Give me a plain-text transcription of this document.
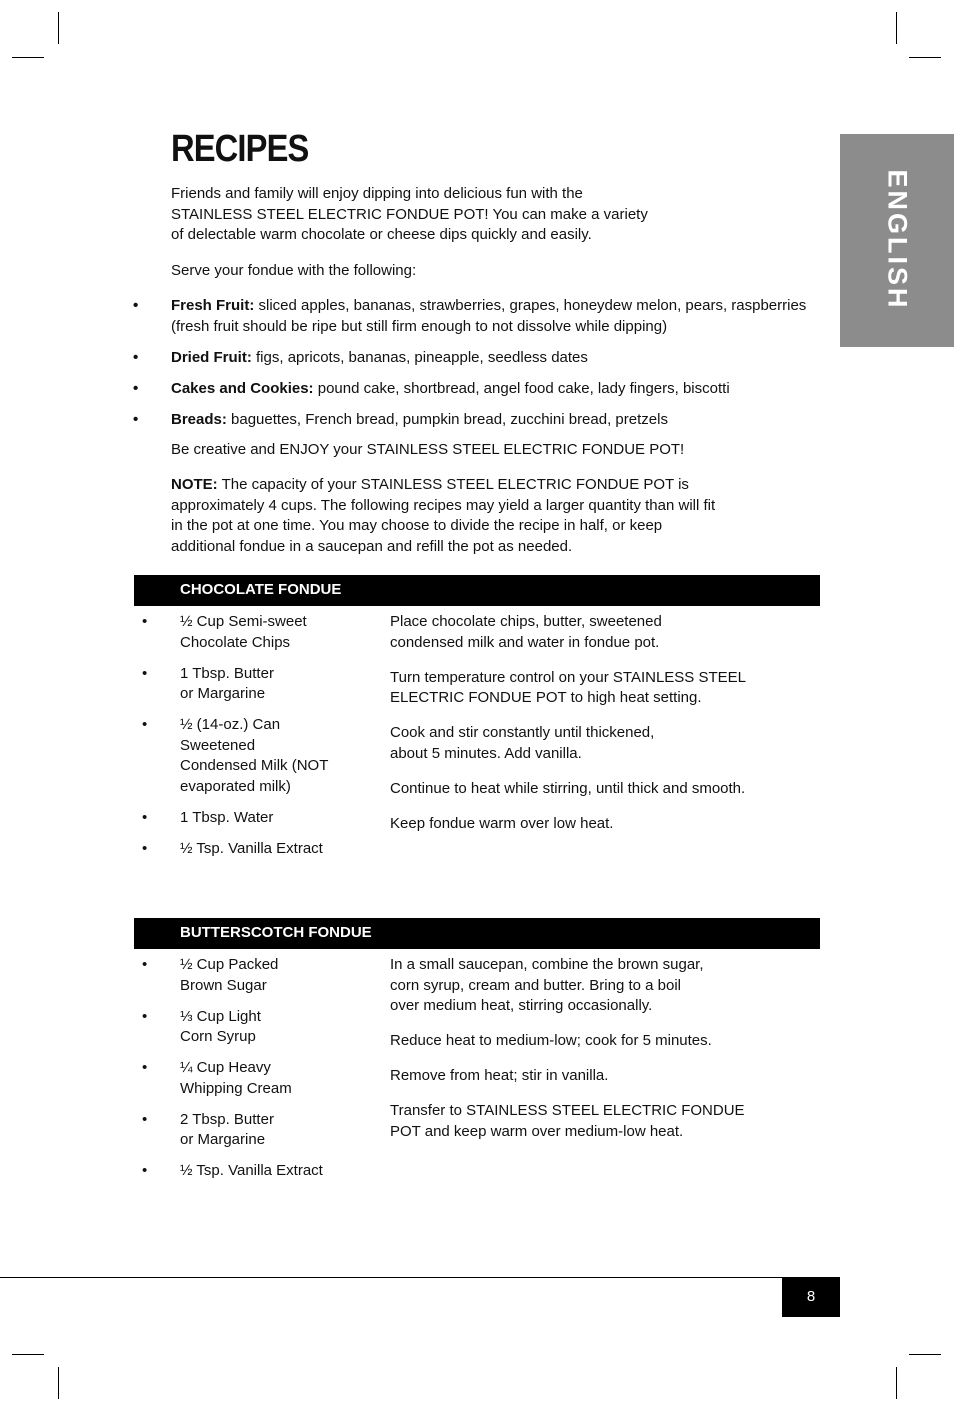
ENGLISH
RECIPES

Friends and family will enjoy dipping into delicious fun with the STAINLESS STEEL ELECTRIC FONDUE POT! You can make a variety of delectable warm chocolate or cheese dips quickly and easily.

Serve your fondue with the following:

• Fresh Fruit: sliced apples, bananas, strawberries, grapes, honeydew melon, pears, raspberries (fresh fruit should be ripe but still firm enough to not dissolve while dipping)
• Dried Fruit: figs, apricots, bananas, pineapple, seedless dates
• Cakes and Cookies: pound cake, shortbread, angel food cake, lady fingers, biscotti
• Breads: baguettes, French bread, pumpkin bread, zucchini bread, pretzels

Be creative and ENJOY your STAINLESS STEEL ELECTRIC FONDUE POT!

NOTE: The capacity of your STAINLESS STEEL ELECTRIC FONDUE POT is approximately 4 cups. The following recipes may yield a larger quantity than will fit in the pot at one time. You may choose to divide the recipe in half, or keep additional fondue in a saucepan and refill the pot as needed.

CHOCOLATE FONDUE
• ½ Cup Semi-sweet
Chocolate Chips
• 1 Tbsp. Butter
or Margarine
• ½ (14-oz.) Can
Sweetened
Condensed Milk (NOT
evaporated milk)
• 1 Tbsp. Water
• ½ Tsp. Vanilla Extract

Place chocolate chips, butter, sweetened
condensed milk and water in fondue pot.

Turn temperature control on your STAINLESS STEEL
ELECTRIC FONDUE POT to high heat setting.

Cook and stir constantly until thickened,
about 5 minutes. Add vanilla.

Continue to heat while stirring, until thick and smooth.

Keep fondue warm over low heat.

BUTTERSCOTCH FONDUE
• ½ Cup Packed
Brown Sugar
• ⅓ Cup Light
Corn Syrup
• ¼ Cup Heavy
Whipping Cream
• 2 Tbsp. Butter
or Margarine
• ½ Tsp. Vanilla Extract

In a small saucepan, combine the brown sugar,
corn syrup, cream and butter. Bring to a boil
over medium heat, stirring occasionally.

Reduce heat to medium-low; cook for 5 minutes.

Remove from heat; stir in vanilla.

Transfer to STAINLESS STEEL ELECTRIC FONDUE
POT and keep warm over medium-low heat.

8
